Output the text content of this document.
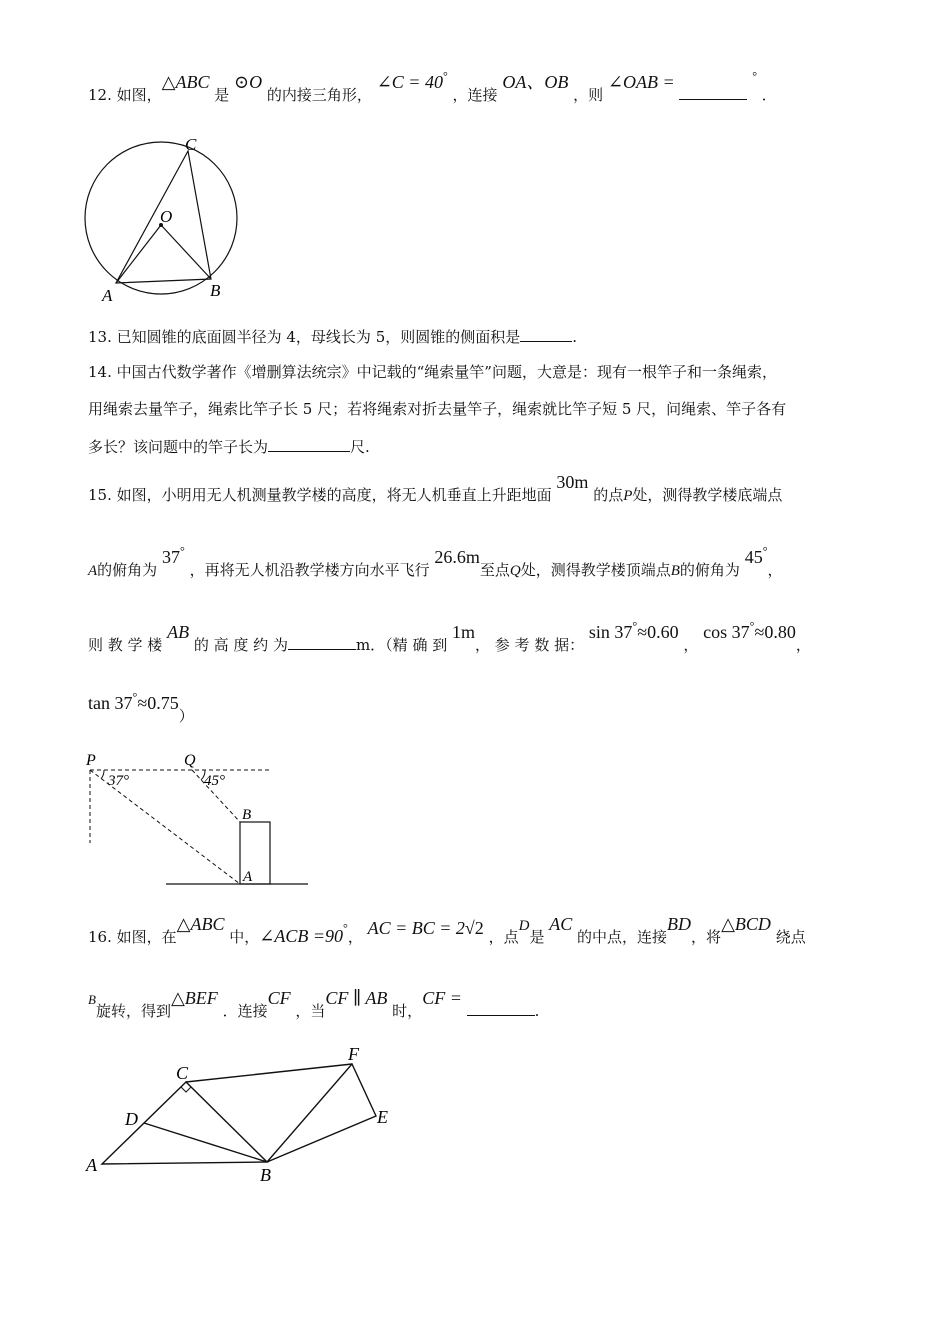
12. 如图，△ABC 是 ⊙O 的内接三角形， ∠C = 40° ，连接 OA、OB ，则 ∠OAB =	° ．
C
O
A	B
13. 已知圆锥的底面圆半径为 4，母线长为 5，则圆锥的侧面积是	.
14. 中国古代数学著作《增删算法统宗》中记载的“绳索量竿”问题，大意是：现有一根竿子和一条绳索，
用绳索去量竿子，绳索比竿子长 5 尺；若将绳索对折去量竿子，绳索就比竿子短 5 尺，问绳索、竿子各有
多长？该问题中的竿子长为	尺.
15. 如图，小明用无人机测量教学楼的高度，将无人机垂直上升距地面 30m 的点P处，测得教学楼底端点
A的俯角为 37° ，再将无人机沿教学楼方向水平飞行 26.6m至点Q处，测得教学楼顶端点B的俯角为 45°，
则 教 学 楼 AB 的 高 度 约 为	m．（精 确 到 1m， 参 考 数 据： sin 37°≈0.60 ， cos 37°≈0.80，
tan 37°≈0.75）
P	Q
37°	45°
B
A
16. 如图，在△ABC 中，∠ACB =90°， AC = BC = 2√2 ，点D是 AC 的中点，连接BD，将△BCD 绕点
B旋转，得到△BEF ．连接CF ，当CF ∥ AB 时，CF = .
C
F
D	E
A	B
